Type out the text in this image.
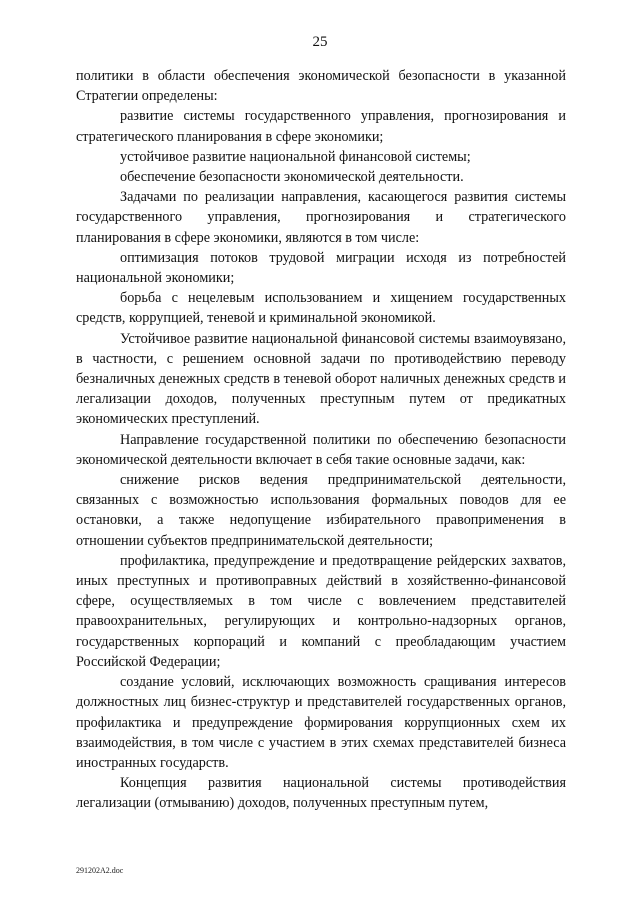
25

политики в области обеспечения экономической безопасности в указанной Стратегии определены:

развитие системы государственного управления, прогнозирования и стратегического планирования в сфере экономики;

устойчивое развитие национальной финансовой системы;

обеспечение безопасности экономической деятельности.

Задачами по реализации направления, касающегося развития системы государственного управления, прогнозирования и стратегического планирования в сфере экономики, являются в том числе:

оптимизация потоков трудовой миграции исходя из потребностей национальной экономики;

борьба с нецелевым использованием и хищением государственных средств, коррупцией, теневой и криминальной экономикой.

Устойчивое развитие национальной финансовой системы взаимоувязано, в частности, с решением основной задачи по противодействию переводу безналичных денежных средств в теневой оборот наличных денежных средств и легализации доходов, полученных преступным путем от предикатных экономических преступлений.

Направление государственной политики по обеспечению безопасности экономической деятельности включает в себя такие основные задачи, как:

снижение рисков ведения предпринимательской деятельности, связанных с возможностью использования формальных поводов для ее остановки, а также недопущение избирательного правоприменения в отношении субъектов предпринимательской деятельности;

профилактика, предупреждение и предотвращение рейдерских захватов, иных преступных и противоправных действий в хозяйственно-финансовой сфере, осуществляемых в том числе с вовлечением представителей правоохранительных, регулирующих и контрольно-надзорных органов, государственных корпораций и компаний с преобладающим участием Российской Федерации;

создание условий, исключающих возможность сращивания интересов должностных лиц бизнес-структур и представителей государственных органов, профилактика и предупреждение формирования коррупционных схем их взаимодействия, в том числе с участием в этих схемах представителей бизнеса иностранных государств.

Концепция развития национальной системы противодействия легализации (отмыванию) доходов, полученных преступным путем,

291202A2.doc
